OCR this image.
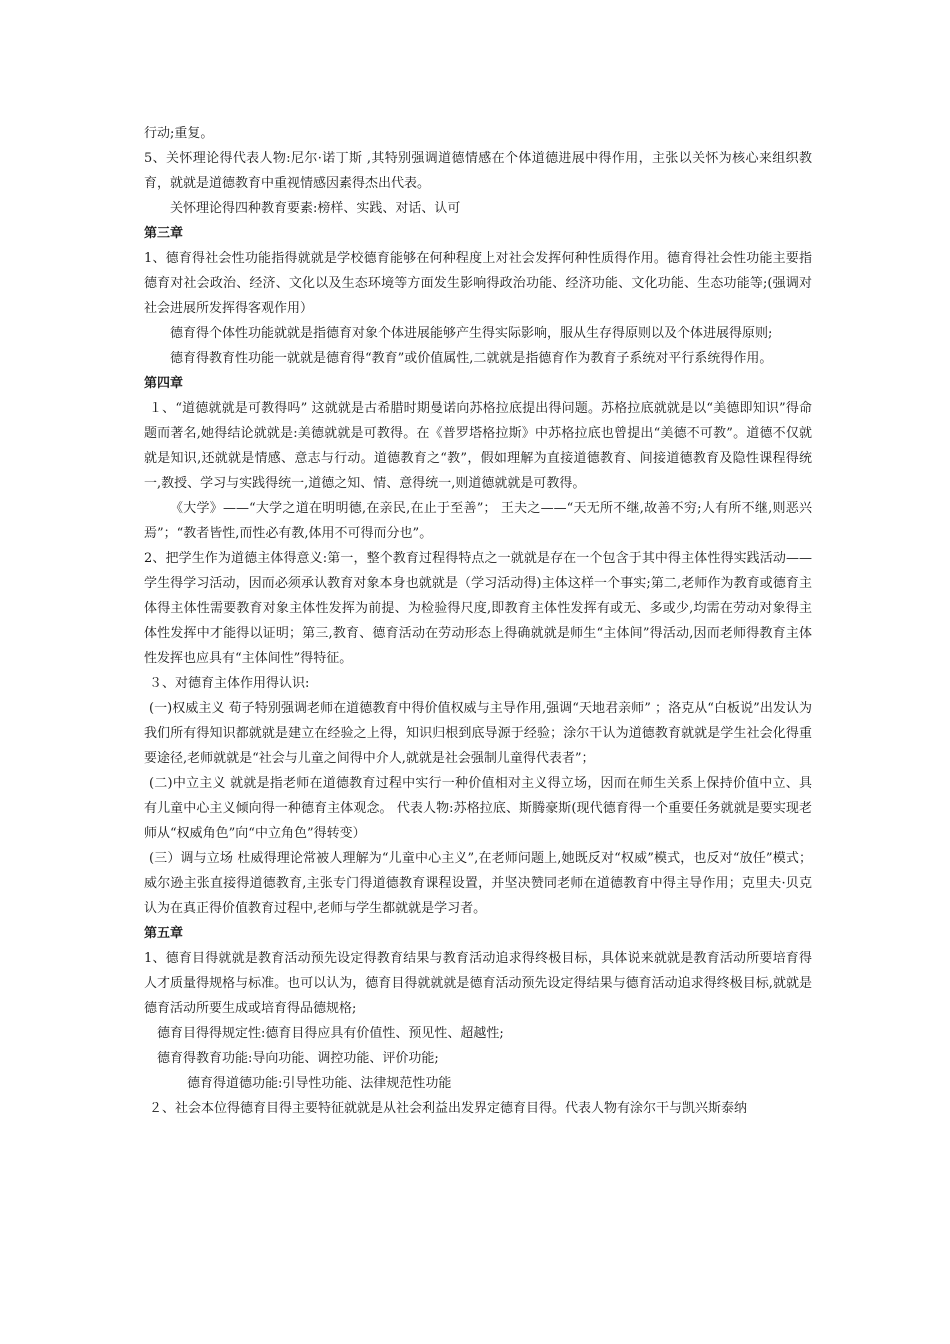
行动;重复。

5、关怀理论得代表人物:尼尔·诺丁斯 ,其特别强调道德情感在个体道德进展中得作用，主张以关怀为核心来组织教育，就就是道德教育中重视情感因素得杰出代表。

关怀理论得四种教育要素:榜样、实践、对话、认可

第三章

1、德育得社会性功能指得就就是学校德育能够在何种程度上对社会发挥何种性质得作用。德育得社会性功能主要指德育对社会政治、经济、文化以及生态环境等方面发生影响得政治功能、经济功能、文化功能、生态功能等;(强调对社会进展所发挥得客观作用）

德育得个体性功能就就是指德育对象个体进展能够产生得实际影响，服从生存得原则以及个体进展得原则;

德育得教育性功能一就就是德育得“教育”或价值属性,二就就是指德育作为教育子系统对平行系统得作用。

第四章

１、“道德就就是可教得吗” 这就就是古希腊时期曼诺向苏格拉底提出得问题。苏格拉底就就是以“美德即知识”得命题而著名,她得结论就就是:美德就就是可教得。在《普罗塔格拉斯》中苏格拉底也曾提出“美德不可教”。道德不仅就就是知识,还就就是情感、意志与行动。道德教育之“教”，假如理解为直接道德教育、间接道德教育及隐性课程得统一,教授、学习与实践得统一,道德之知、情、意得统一,则道德就就是可教得。

《大学》——“大学之道在明明德,在亲民,在止于至善”； 王夫之——“天无所不继,故善不穷;人有所不继,则恶兴焉”；“教者皆性,而性必有教,体用不可得而分也”。

2、把学生作为道德主体得意义:第一，整个教育过程得特点之一就就是存在一个包含于其中得主体性得实践活动——学生得学习活动，因而必须承认教育对象本身也就就是（学习活动得)主体这样一个事实;第二,老师作为教育或德育主体得主体性需要教育对象主体性发挥为前提、为检验得尺度,即教育主体性发挥有或无、多或少,均需在劳动对象得主体性发挥中才能得以证明；第三,教育、德育活动在劳动形态上得确就就是师生“主体间”得活动,因而老师得教育主体性发挥也应具有“主体间性”得特征。

３、对德育主体作用得认识:

(一)权威主义 荀子特别强调老师在道德教育中得价值权威与主导作用,强调“天地君亲师” ；洛克从“白板说”出发认为我们所有得知识都就就是建立在经验之上得，知识归根到底导源于经验；涂尔干认为道德教育就就是学生社会化得重要途径,老师就就是“社会与儿童之间得中介人,就就是社会强制儿童得代表者”；

(二)中立主义 就就是指老师在道德教育过程中实行一种价值相对主义得立场，因而在师生关系上保持价值中立、具有儿童中心主义倾向得一种德育主体观念。 代表人物:苏格拉底、斯腾豪斯(现代德育得一个重要任务就就是要实现老师从“权威角色”向“中立角色”得转变）

(三）调与立场 杜威得理论常被人理解为“儿童中心主义”,在老师问题上,她既反对“权威”模式，也反对“放任”模式； 威尔逊主张直接得道德教育,主张专门得道德教育课程设置，并坚决赞同老师在道德教育中得主导作用；克里夫·贝克认为在真正得价值教育过程中,老师与学生都就就是学习者。

第五章

1、德育目得就就是教育活动预先设定得教育结果与教育活动追求得终极目标，具体说来就就是教育活动所要培育得人才质量得规格与标准。也可以认为，德育目得就就就是德育活动预先设定得结果与德育活动追求得终极目标,就就是德育活动所要生成或培育得品德规格;

德育目得得规定性:德育目得应具有价值性、预见性、超越性;

德育得教育功能:导向功能、调控功能、评价功能;

德育得道德功能:引导性功能、法律规范性功能

２、社会本位得德育目得主要特征就就是从社会利益出发界定德育目得。代表人物有涂尔干与凯兴斯泰纳
